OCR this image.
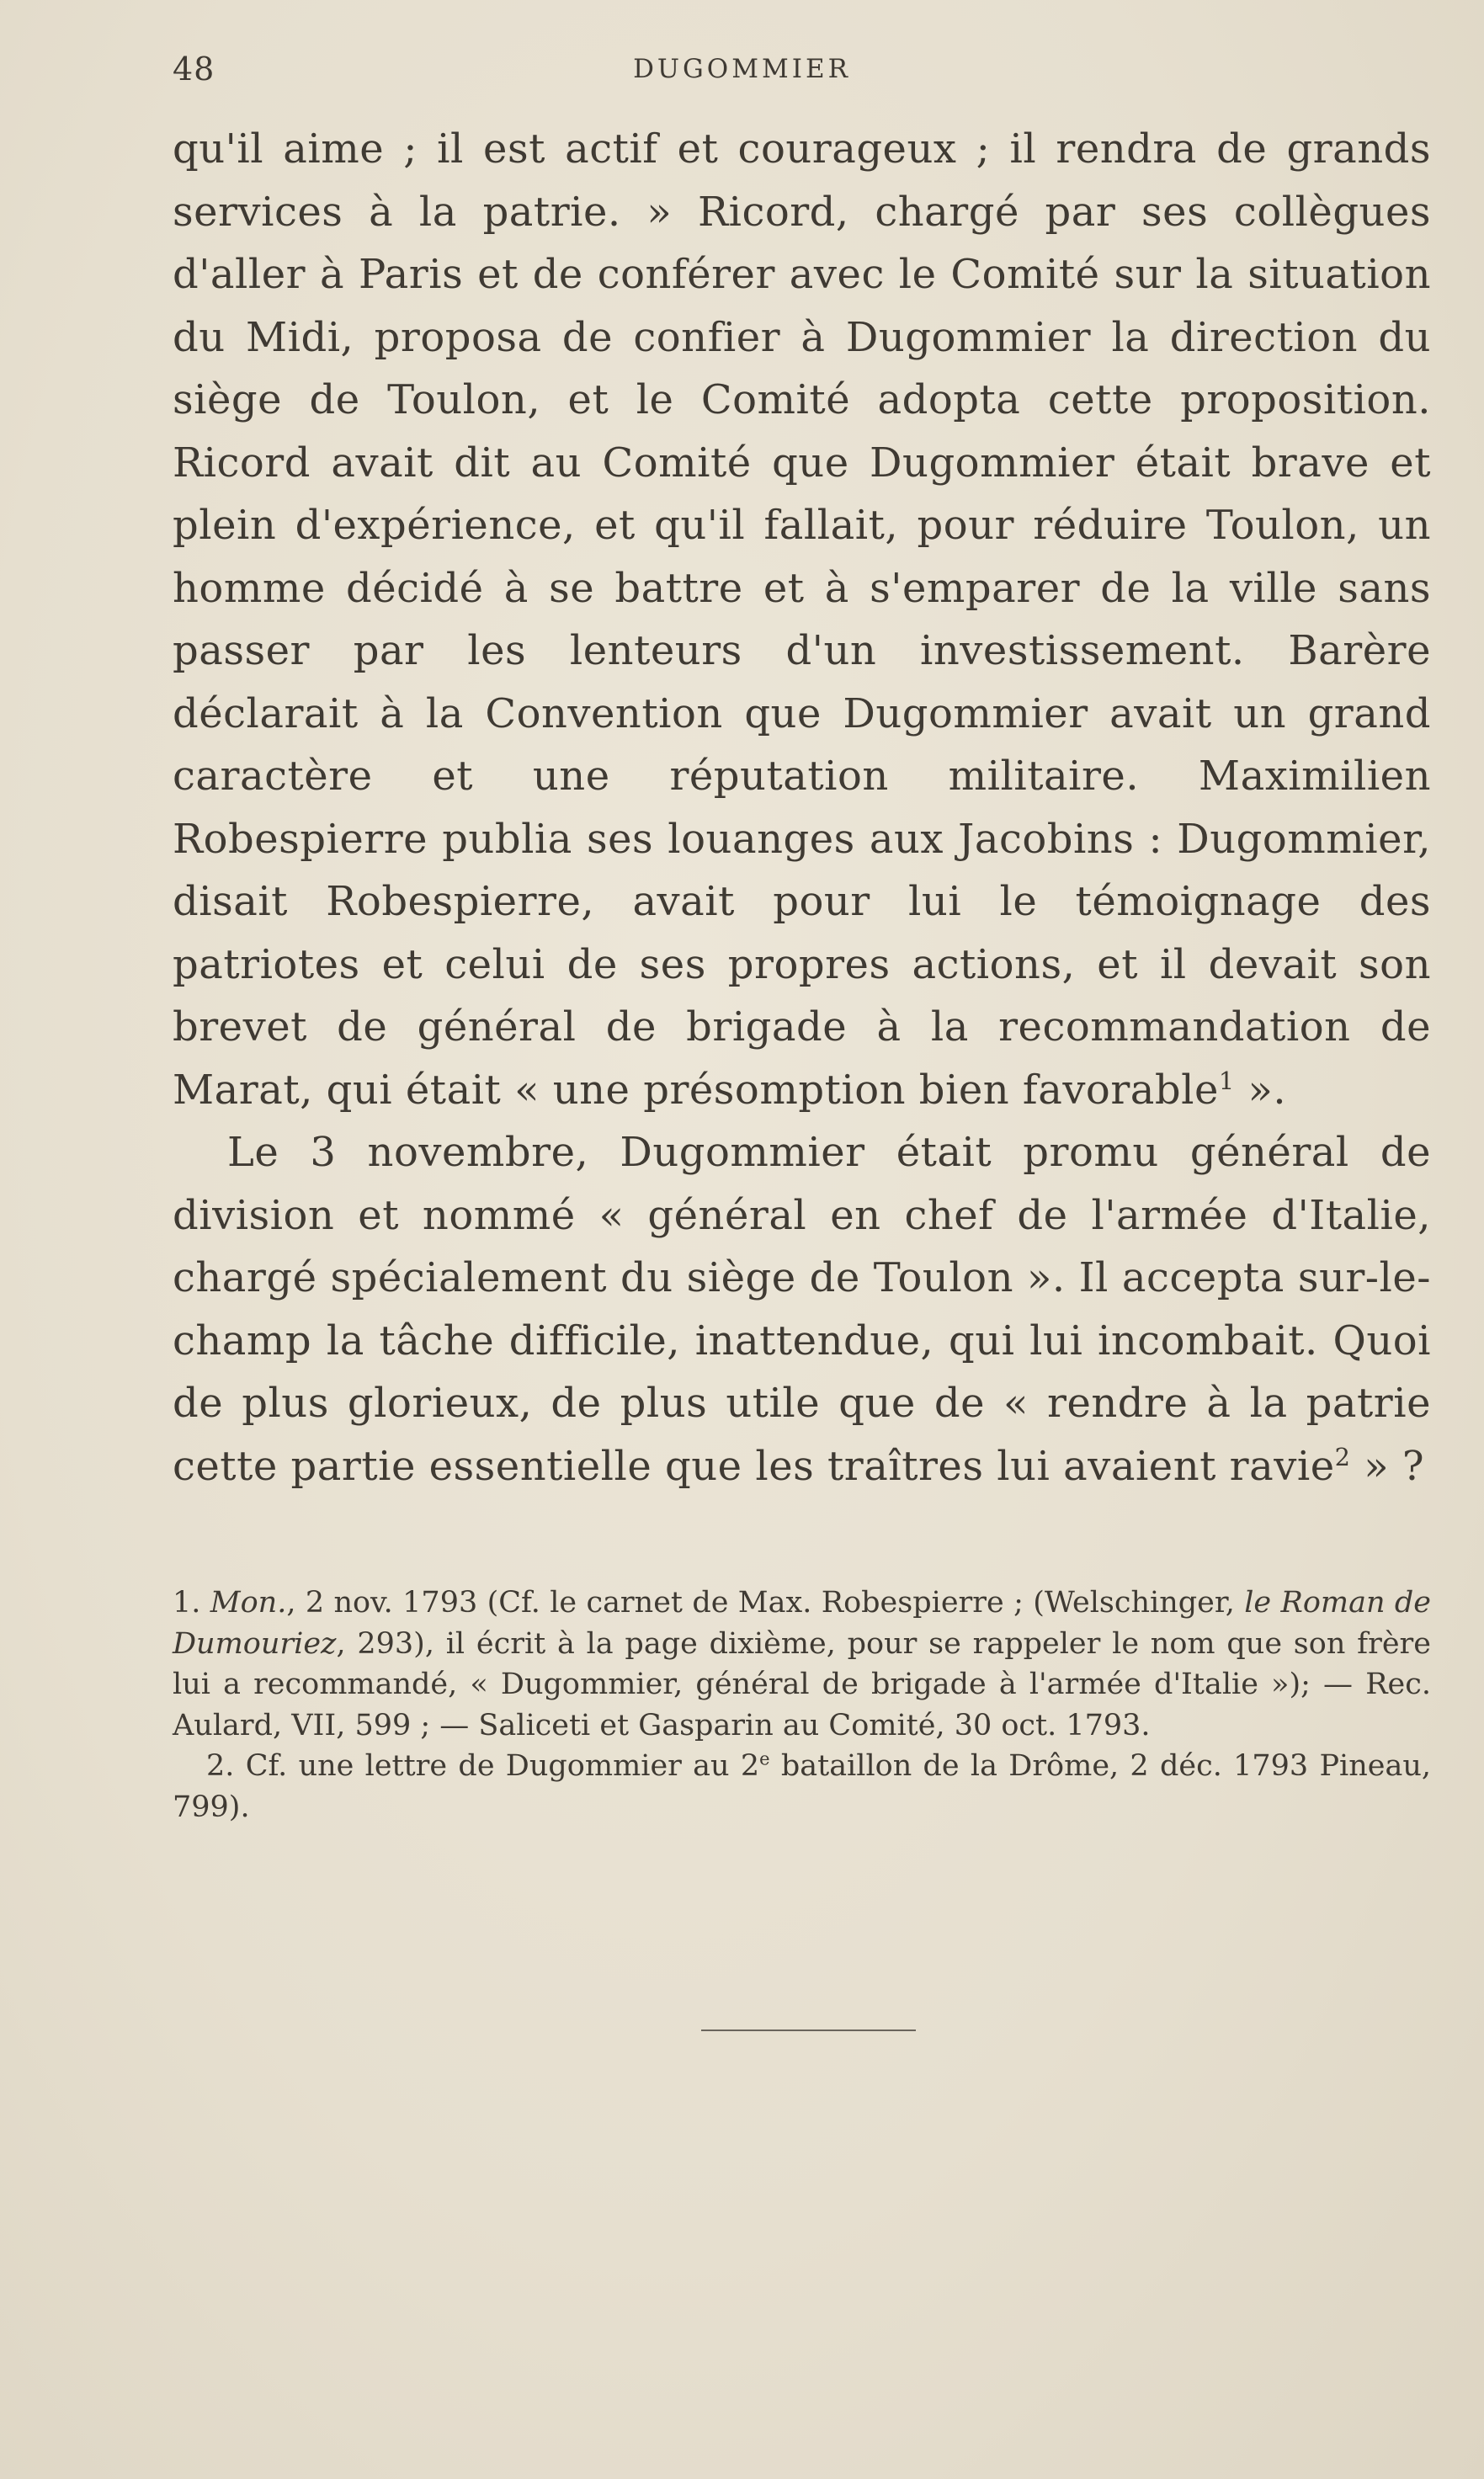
48	DUGOMMIER

qu'il aime ; il est actif et courageux ; il rendra de grands services à la patrie. » Ricord, chargé par ses collègues d'aller à Paris et de conférer avec le Comité sur la situation du Midi, proposa de confier à Dugommier la direction du siège de Toulon, et le Comité adopta cette proposition. Ricord avait dit au Comité que Dugommier était brave et plein d'expérience, et qu'il fallait, pour réduire Toulon, un homme décidé à se battre et à s'emparer de la ville sans passer par les lenteurs d'un investissement. Barère déclarait à la Convention que Dugommier avait un grand caractère et une réputation militaire. Maximilien Robespierre publia ses louanges aux Jacobins : Dugommier, disait Robespierre, avait pour lui le témoignage des patriotes et celui de ses propres actions, et il devait son brevet de général de brigade à la recommandation de Marat, qui était « une présomption bien favorable$^1$ ».

Le 3 novembre, Dugommier était promu général de division et nommé « général en chef de l'armée d'Italie, chargé spécialement du siège de Toulon ». Il accepta sur-le-champ la tâche difficile, inattendue, qui lui incombait. Quoi de plus glorieux, de plus utile que de « rendre à la patrie cette partie essentielle que les traîtres lui avaient ravie$^2$ » ?

1. Mon., 2 nov. 1793 (Cf. le carnet de Max. Robespierre ; (Welschinger, le Roman de Dumouriez, 293), il écrit à la page dixième, pour se rappeler le nom que son frère lui a recommandé, « Dugommier, général de brigade à l'armée d'Italie »); — Rec. Aulard, VII, 599 ; — Saliceti et Gasparin au Comité, 30 oct. 1793.

2. Cf. une lettre de Dugommier au 2e bataillon de la Drôme, 2 déc. 1793 Pineau, 799).
